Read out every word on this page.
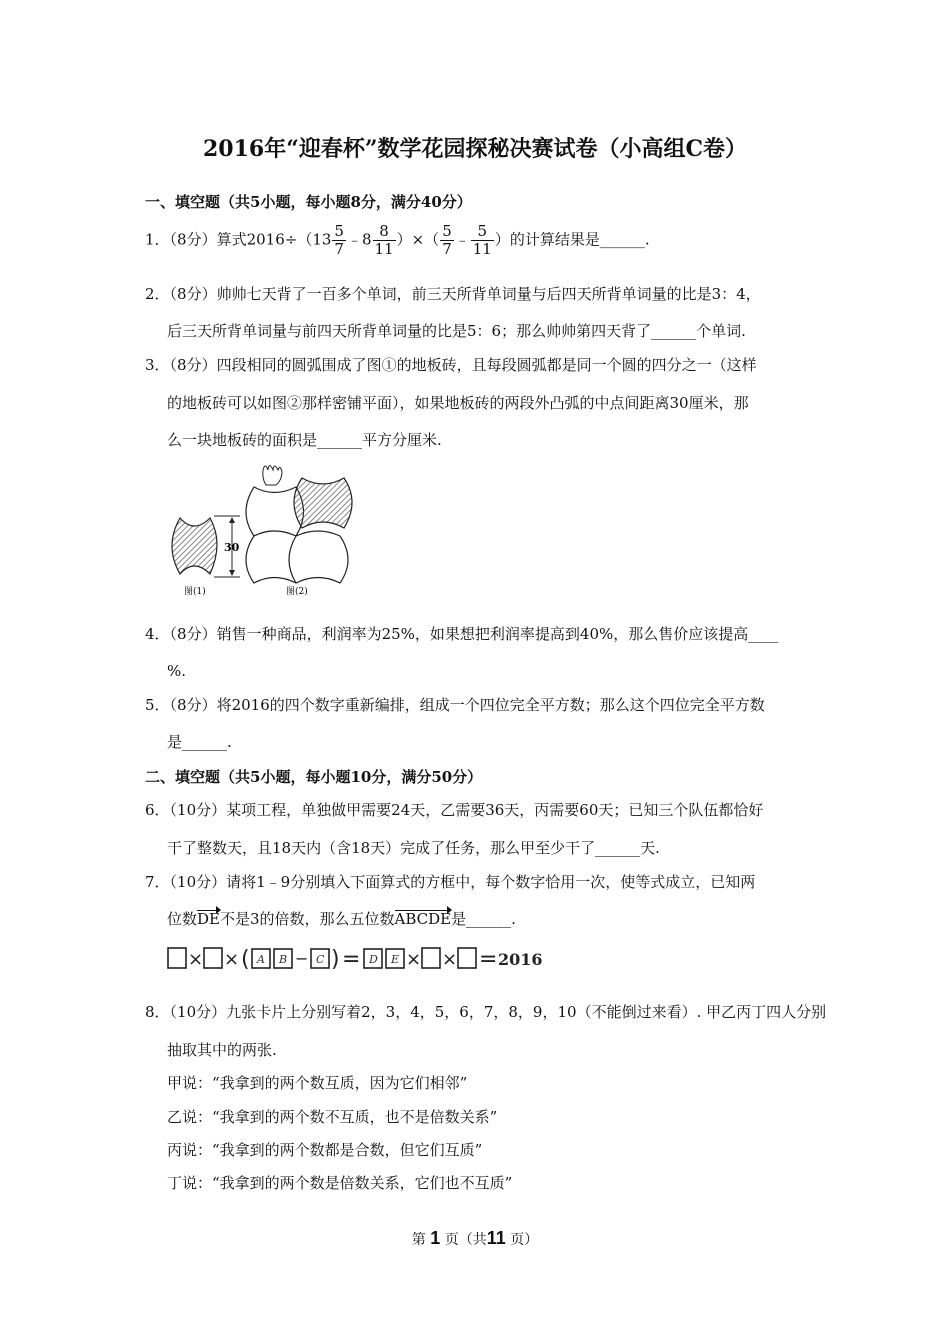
2016年“迎春杯”数学花园探秘决赛试卷（小高组C卷）
一、填空题（共5小题，每小题8分，满分40分）
1．（8分）算式$2016\div(13 \frac{5}{7}$ ﹣8 $\frac{8}{11}$ ）×（ $\frac{5}{7}$ ﹣ $\frac{5}{11}$ ）的计算结果是______.
2．（8分）帅帅七天背了一百多个单词，前三天所背单词量与后四天所背单词量的比是3：4，
后三天所背单词量与前四天所背单词量的比是5：6；那么帅帅第四天背了______个单词.
3．（8分）四段相同的圆弧围成了图①的地板砖，且每段圆弧都是同一个圆的四分之一（这样
的地板砖可以如图②那样密铺平面），如果地板砖的两段外凸弧的中点间距离30厘米，那
么一块地板砖的面积是______平方分厘米.
30
图(1)	图(2)
4．（8分）销售一种商品，利润率为25%，如果想把利润率提高到40%，那么售价应该提高____
%.
5．（8分）将2016的四个数字重新编排，组成一个四位完全平方数；那么这个四位完全平方数
是______.
二、填空题（共5小题，每小题10分，满分50分）
6．（10分）某项工程，单独做甲需要24天，乙需要36天，丙需要60天；已知三个队伍都恰好
干了整数天，且18天内（含18天）完成了任务，那么甲至少干了______天.
7．（10分）请将1﹣9分别填入下面算式的方框中，每个数字恰用一次，使等式成立，已知两
位数DE不是3的倍数，那么五位数ABCDE是______.
× × (	− ) =	× × =
A B	C	D E	2016
8．（10分）九张卡片上分别写着2，3，4，5，6，7，8，9，10（不能倒过来看）. 甲乙丙丁四人分别
抽取其中的两张.
甲说：“我拿到的两个数互质，因为它们相邻”
乙说：“我拿到的两个数不互质，也不是倍数关系”
丙说：“我拿到的两个数都是合数，但它们互质”
丁说：“我拿到的两个数是倍数关系，它们也不互质”
第 1 页（共11 页）
